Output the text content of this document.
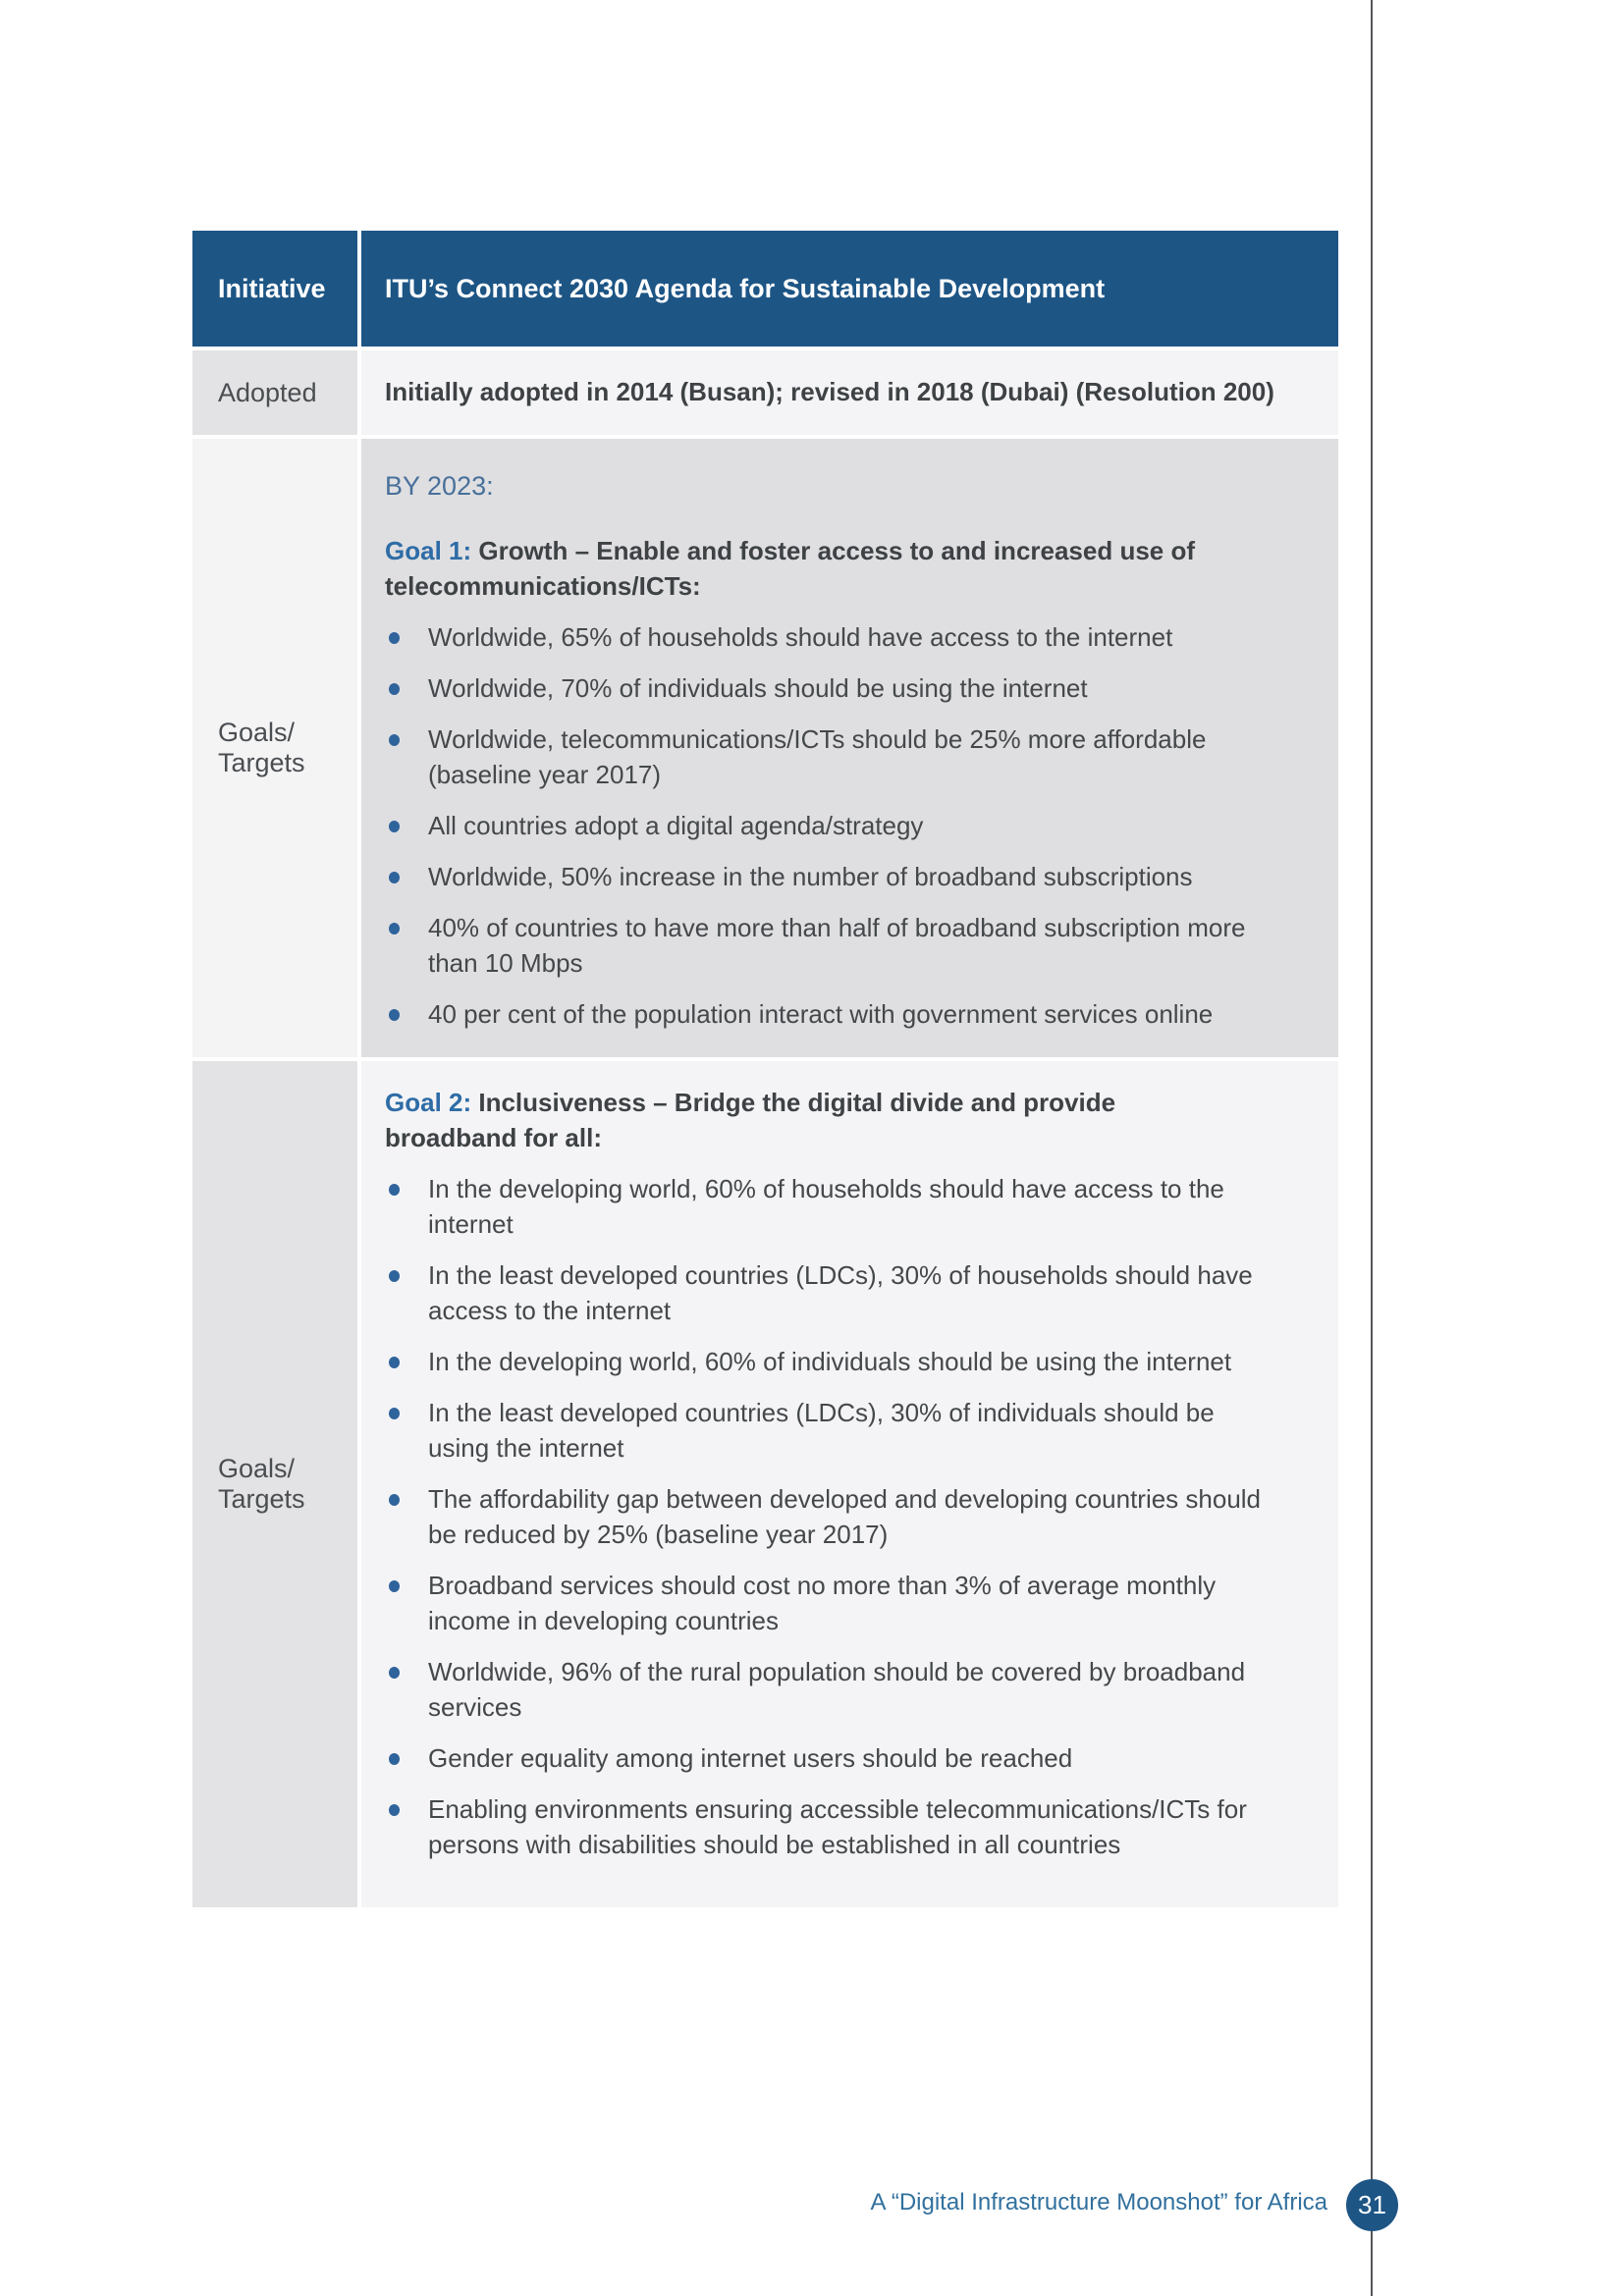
Initiative	ITU’s Connect 2030 Agenda for Sustainable Development
Adopted	Initially adopted in 2014 (Busan); revised in 2018 (Dubai) (Resolution 200)

Goals/
Targets

BY 2023:

Goal 1: Growth – Enable and foster access to and increased use of telecommunications/ICTs:

Worldwide, 65% of households should have access to the internet
Worldwide, 70% of individuals should be using the internet
Worldwide, telecommunications/ICTs should be 25% more affordable (baseline year 2017)
All countries adopt a digital agenda/strategy
Worldwide, 50% increase in the number of broadband subscriptions
40% of countries to have more than half of broadband subscription more than 10 Mbps
40 per cent of the population interact with government services online
Goals/
Targets

Goal 2: Inclusiveness – Bridge the digital divide and provide broadband for all:

In the developing world, 60% of households should have access to the internet
In the least developed countries (LDCs), 30% of households should have access to the internet
In the developing world, 60% of individuals should be using the internet
In the least developed countries (LDCs), 30% of individuals should be using the internet
The affordability gap between developed and developing countries should be reduced by 25% (baseline year 2017)
Broadband services should cost no more than 3% of average monthly income in developing countries
Worldwide, 96% of the rural population should be covered by broadband services
Gender equality among internet users should be reached
Enabling environments ensuring accessible telecommunications/ICTs for persons with disabilities should be established in all countries
A “Digital Infrastructure Moonshot” for Africa 31
